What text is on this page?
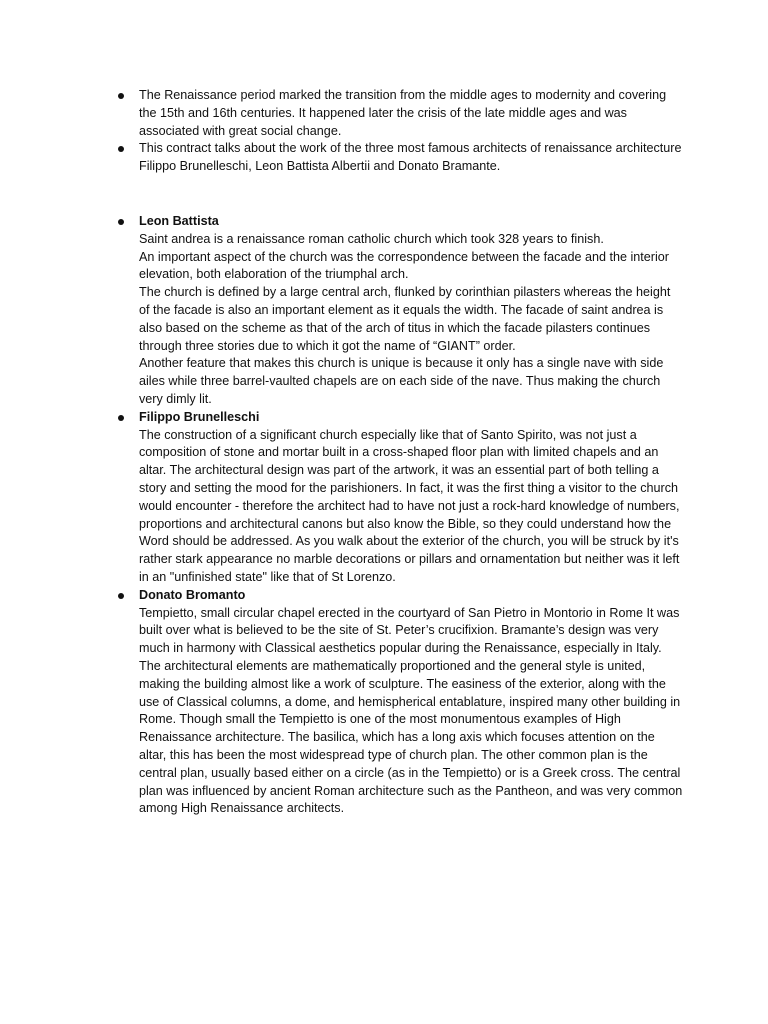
The Renaissance period marked the transition from the middle ages to modernity and covering the 15th and 16th centuries. It happened later the crisis of the late middle ages and was associated with great social change.
This contract talks about the work of the three most famous architects of renaissance architecture Filippo Brunelleschi, Leon Battista Albertii and Donato Bramante.
Leon Battista
Saint andrea is a renaissance roman catholic church which took 328 years to finish.
An important aspect of the church was the correspondence between the facade and the interior elevation, both elaboration of the triumphal arch.
The church is defined by a large central arch, flunked by corinthian pilasters whereas the height of the facade is also an important element as it equals the width. The facade of saint andrea is also based on the scheme as that of the arch of titus in which the facade pilasters continues through three stories due to which it got the name of “GIANT” order.
Another feature that makes this church is unique is because it only has a single nave with side ailes while three barrel-vaulted chapels are on each side of the nave. Thus making the church very dimly lit.
Filippo Brunelleschi
The construction of a significant church especially like that of Santo Spirito, was not just a composition of stone and mortar built in a cross-shaped floor plan with limited chapels and an altar. The architectural design was part of the artwork, it was an essential part of both telling a story and setting the mood for the parishioners. In fact, it was the first thing a visitor to the church would encounter - therefore the architect had to have not just a rock-hard knowledge of numbers, proportions and architectural canons but also know the Bible, so they could understand how the Word should be addressed. As you walk about the exterior of the church, you will be struck by it's rather stark appearance no marble decorations or pillars and ornamentation but neither was it left in an "unfinished state" like that of St Lorenzo.
Donato Bromanto
Tempietto, small circular chapel erected in the courtyard of San Pietro in Montorio in Rome It was built over what is believed to be the site of St. Peter’s crucifixion. Bramante’s design was very much in harmony with Classical aesthetics popular during the Renaissance, especially in Italy. The architectural elements are mathematically proportioned and the general style is united, making the building almost like a work of sculpture. The easiness of the exterior, along with the use of Classical columns, a dome, and hemispherical entablature, inspired many other building in Rome. Though small the Tempietto is one of the most monumentous examples of High Renaissance architecture. The basilica, which has a long axis which focuses attention on the altar, this has been the most widespread type of church plan. The other common plan is the central plan, usually based either on a circle (as in the Tempietto) or is a Greek cross. The central plan was influenced by ancient Roman architecture such as the Pantheon, and was very common among High Renaissance architects.
